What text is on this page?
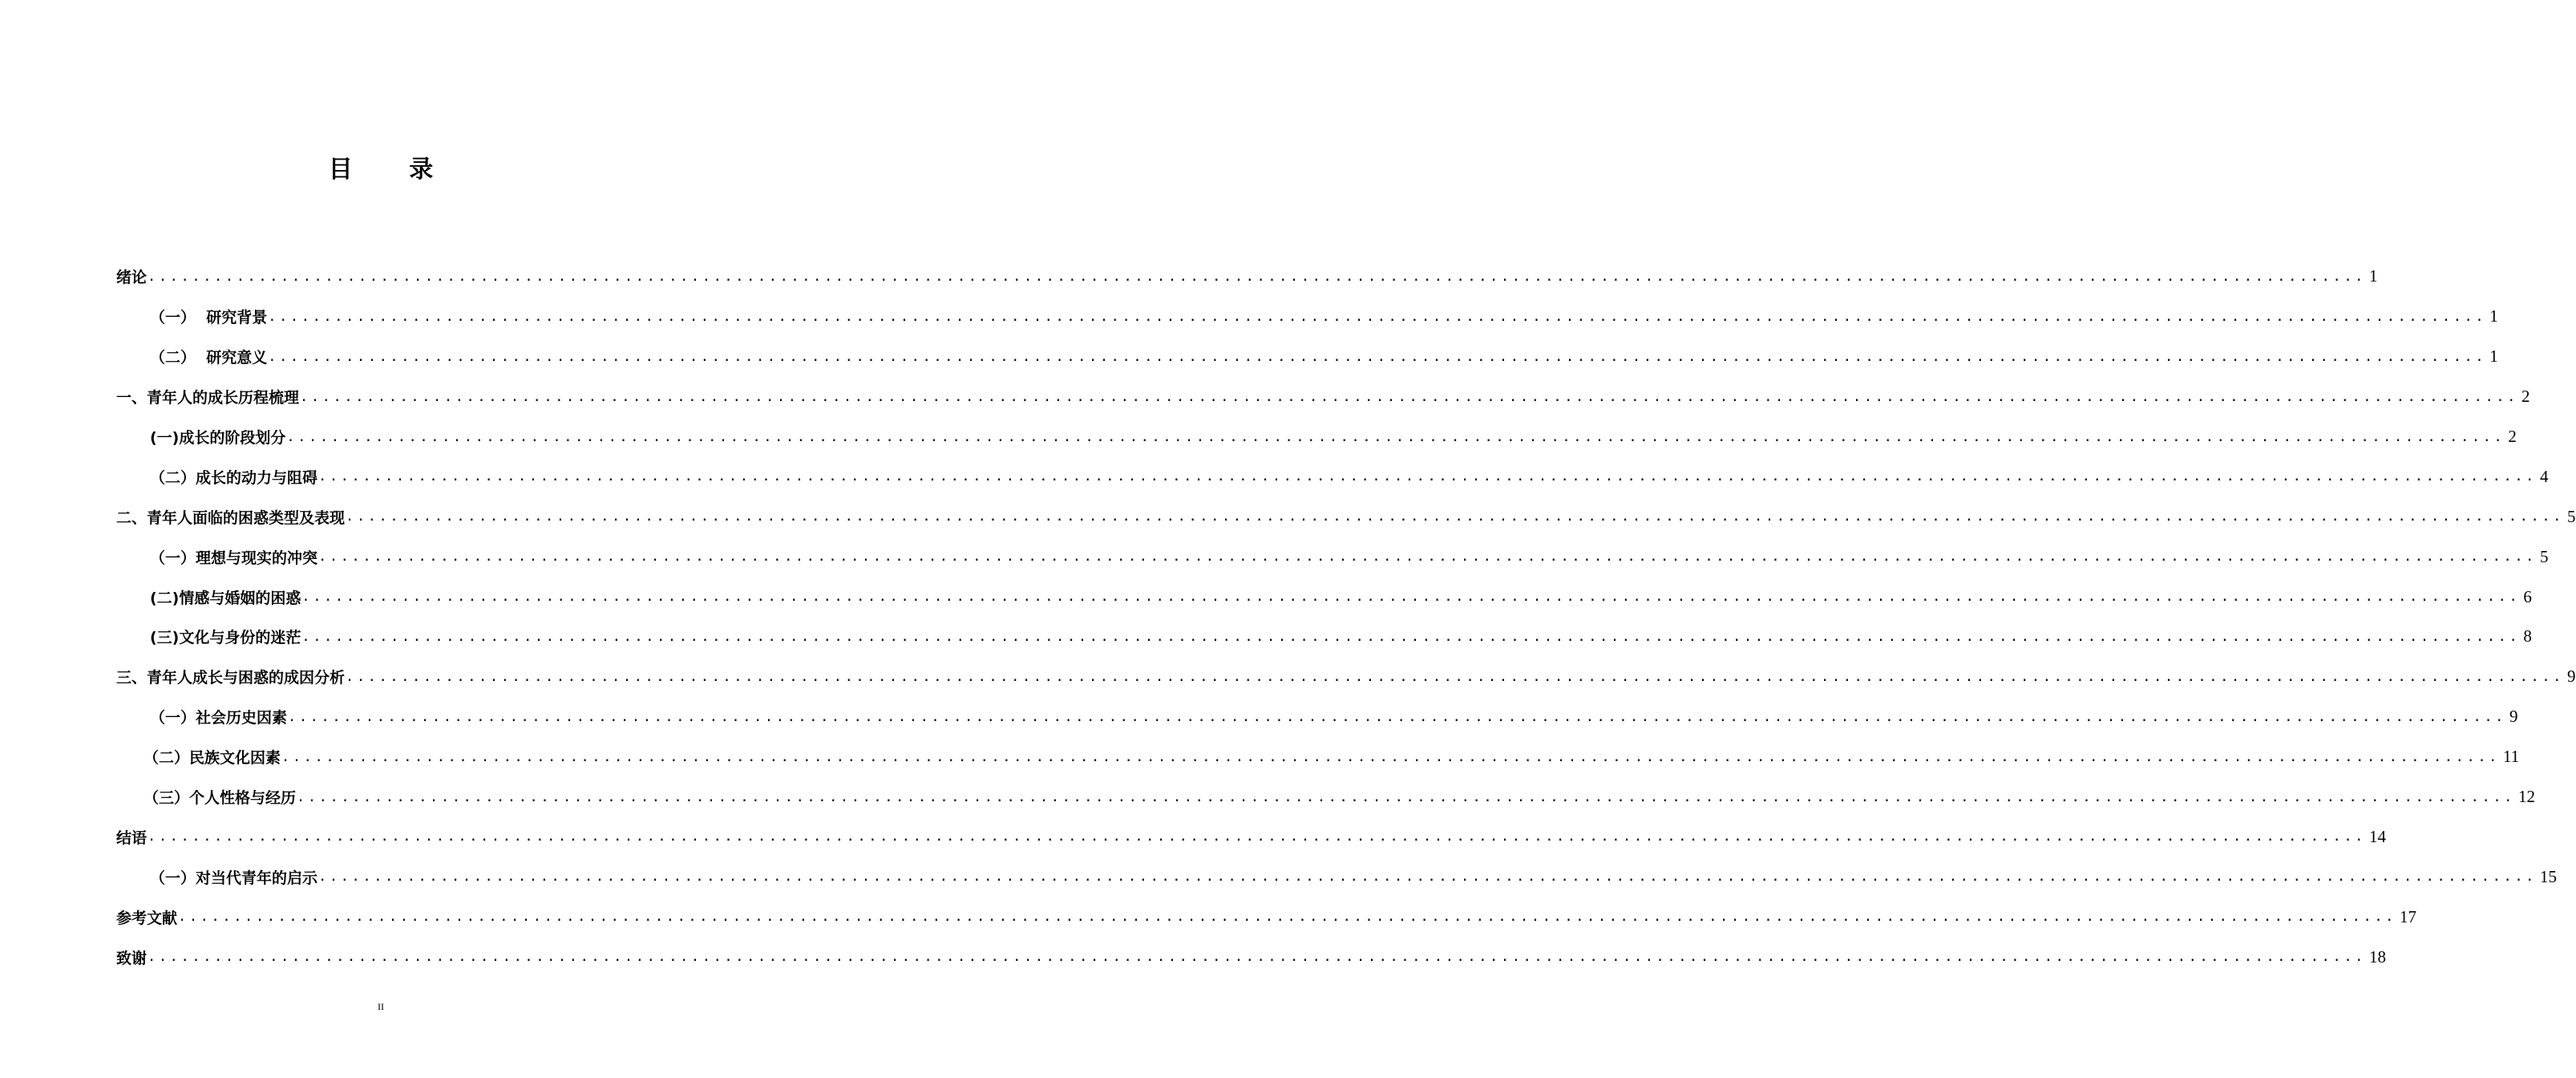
目 录
绪论 ........................................................................................................................................................................................................ 1
（一）  研究背景 ........................................................................................................................................................................................................ 1
（二）  研究意义 ........................................................................................................................................................................................................ 1
一、青年人的成长历程梳理 ........................................................................................................................................................................................................ 2
(一)成长的阶段划分 ........................................................................................................................................................................................................ 2
（二）成长的动力与阻碍 ........................................................................................................................................................................................................ 4
二、青年人面临的困惑类型及表现 ........................................................................................................................................................................................................ 5
（一）理想与现实的冲突 ........................................................................................................................................................................................................ 5
(二)情感与婚姻的困惑 ........................................................................................................................................................................................................ 6
(三)文化与身份的迷茫 ........................................................................................................................................................................................................ 8
三、青年人成长与困惑的成因分析 ........................................................................................................................................................................................................ 9
（一）社会历史因素 ........................................................................................................................................................................................................ 9
（二）民族文化因素 ........................................................................................................................................................................................................ 11
（三）个人性格与经历 ........................................................................................................................................................................................................ 12
结语 ........................................................................................................................................................................................................ 14
（一）对当代青年的启示 ........................................................................................................................................................................................................ 15
参考文献 ........................................................................................................................................................................................................ 17
致谢 ........................................................................................................................................................................................................ 18
II
